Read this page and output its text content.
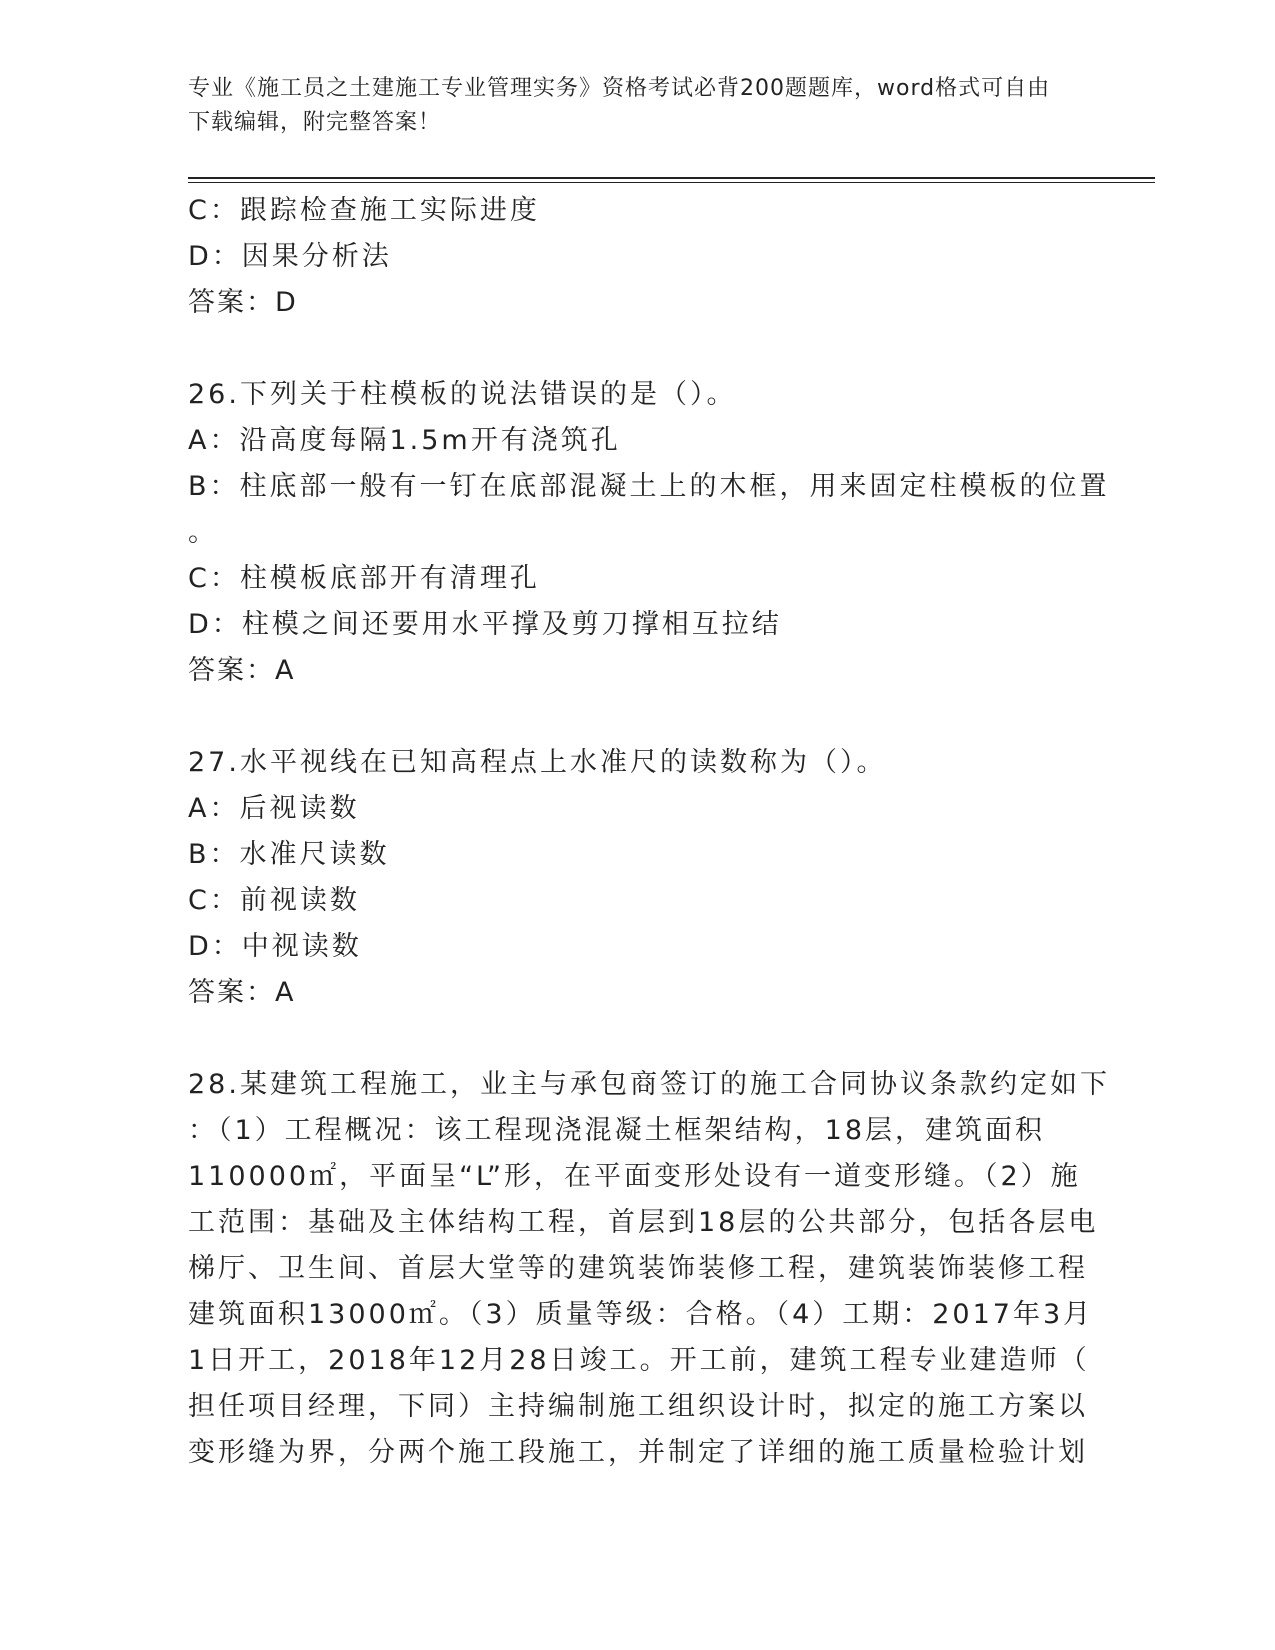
专业《施工员之土建施工专业管理实务》资格考试必背200题题库，word格式可自由下载编辑，附完整答案！
C：跟踪检查施工实际进度
D：因果分析法
答案：D
26.下列关于柱模板的说法错误的是（）。
A：沿高度每隔1.5m开有浇筑孔
B：柱底部一般有一钉在底部混凝土上的木框，用来固定柱模板的位置
。
C：柱模板底部开有清理孔
D：柱模之间还要用水平撑及剪刀撑相互拉结
答案：A
27.水平视线在已知高程点上水准尺的读数称为（）。
A：后视读数
B：水准尺读数
C：前视读数
D：中视读数
答案：A
28.某建筑工程施工，业主与承包商签订的施工合同协议条款约定如下
：（1）工程概况：该工程现浇混凝土框架结构，18层，建筑面积
110000㎡，平面呈“L”形，在平面变形处设有一道变形缝。（2）施
工范围：基础及主体结构工程，首层到18层的公共部分，包括各层电
梯厅、卫生间、首层大堂等的建筑装饰装修工程，建筑装饰装修工程
建筑面积13000㎡。（3）质量等级：合格。（4）工期：2017年3月
1日开工，2018年12月28日竣工。开工前，建筑工程专业建造师（
担任项目经理，下同）主持编制施工组织设计时，拟定的施工方案以
变形缝为界，分两个施工段施工，并制定了详细的施工质量检验计划
